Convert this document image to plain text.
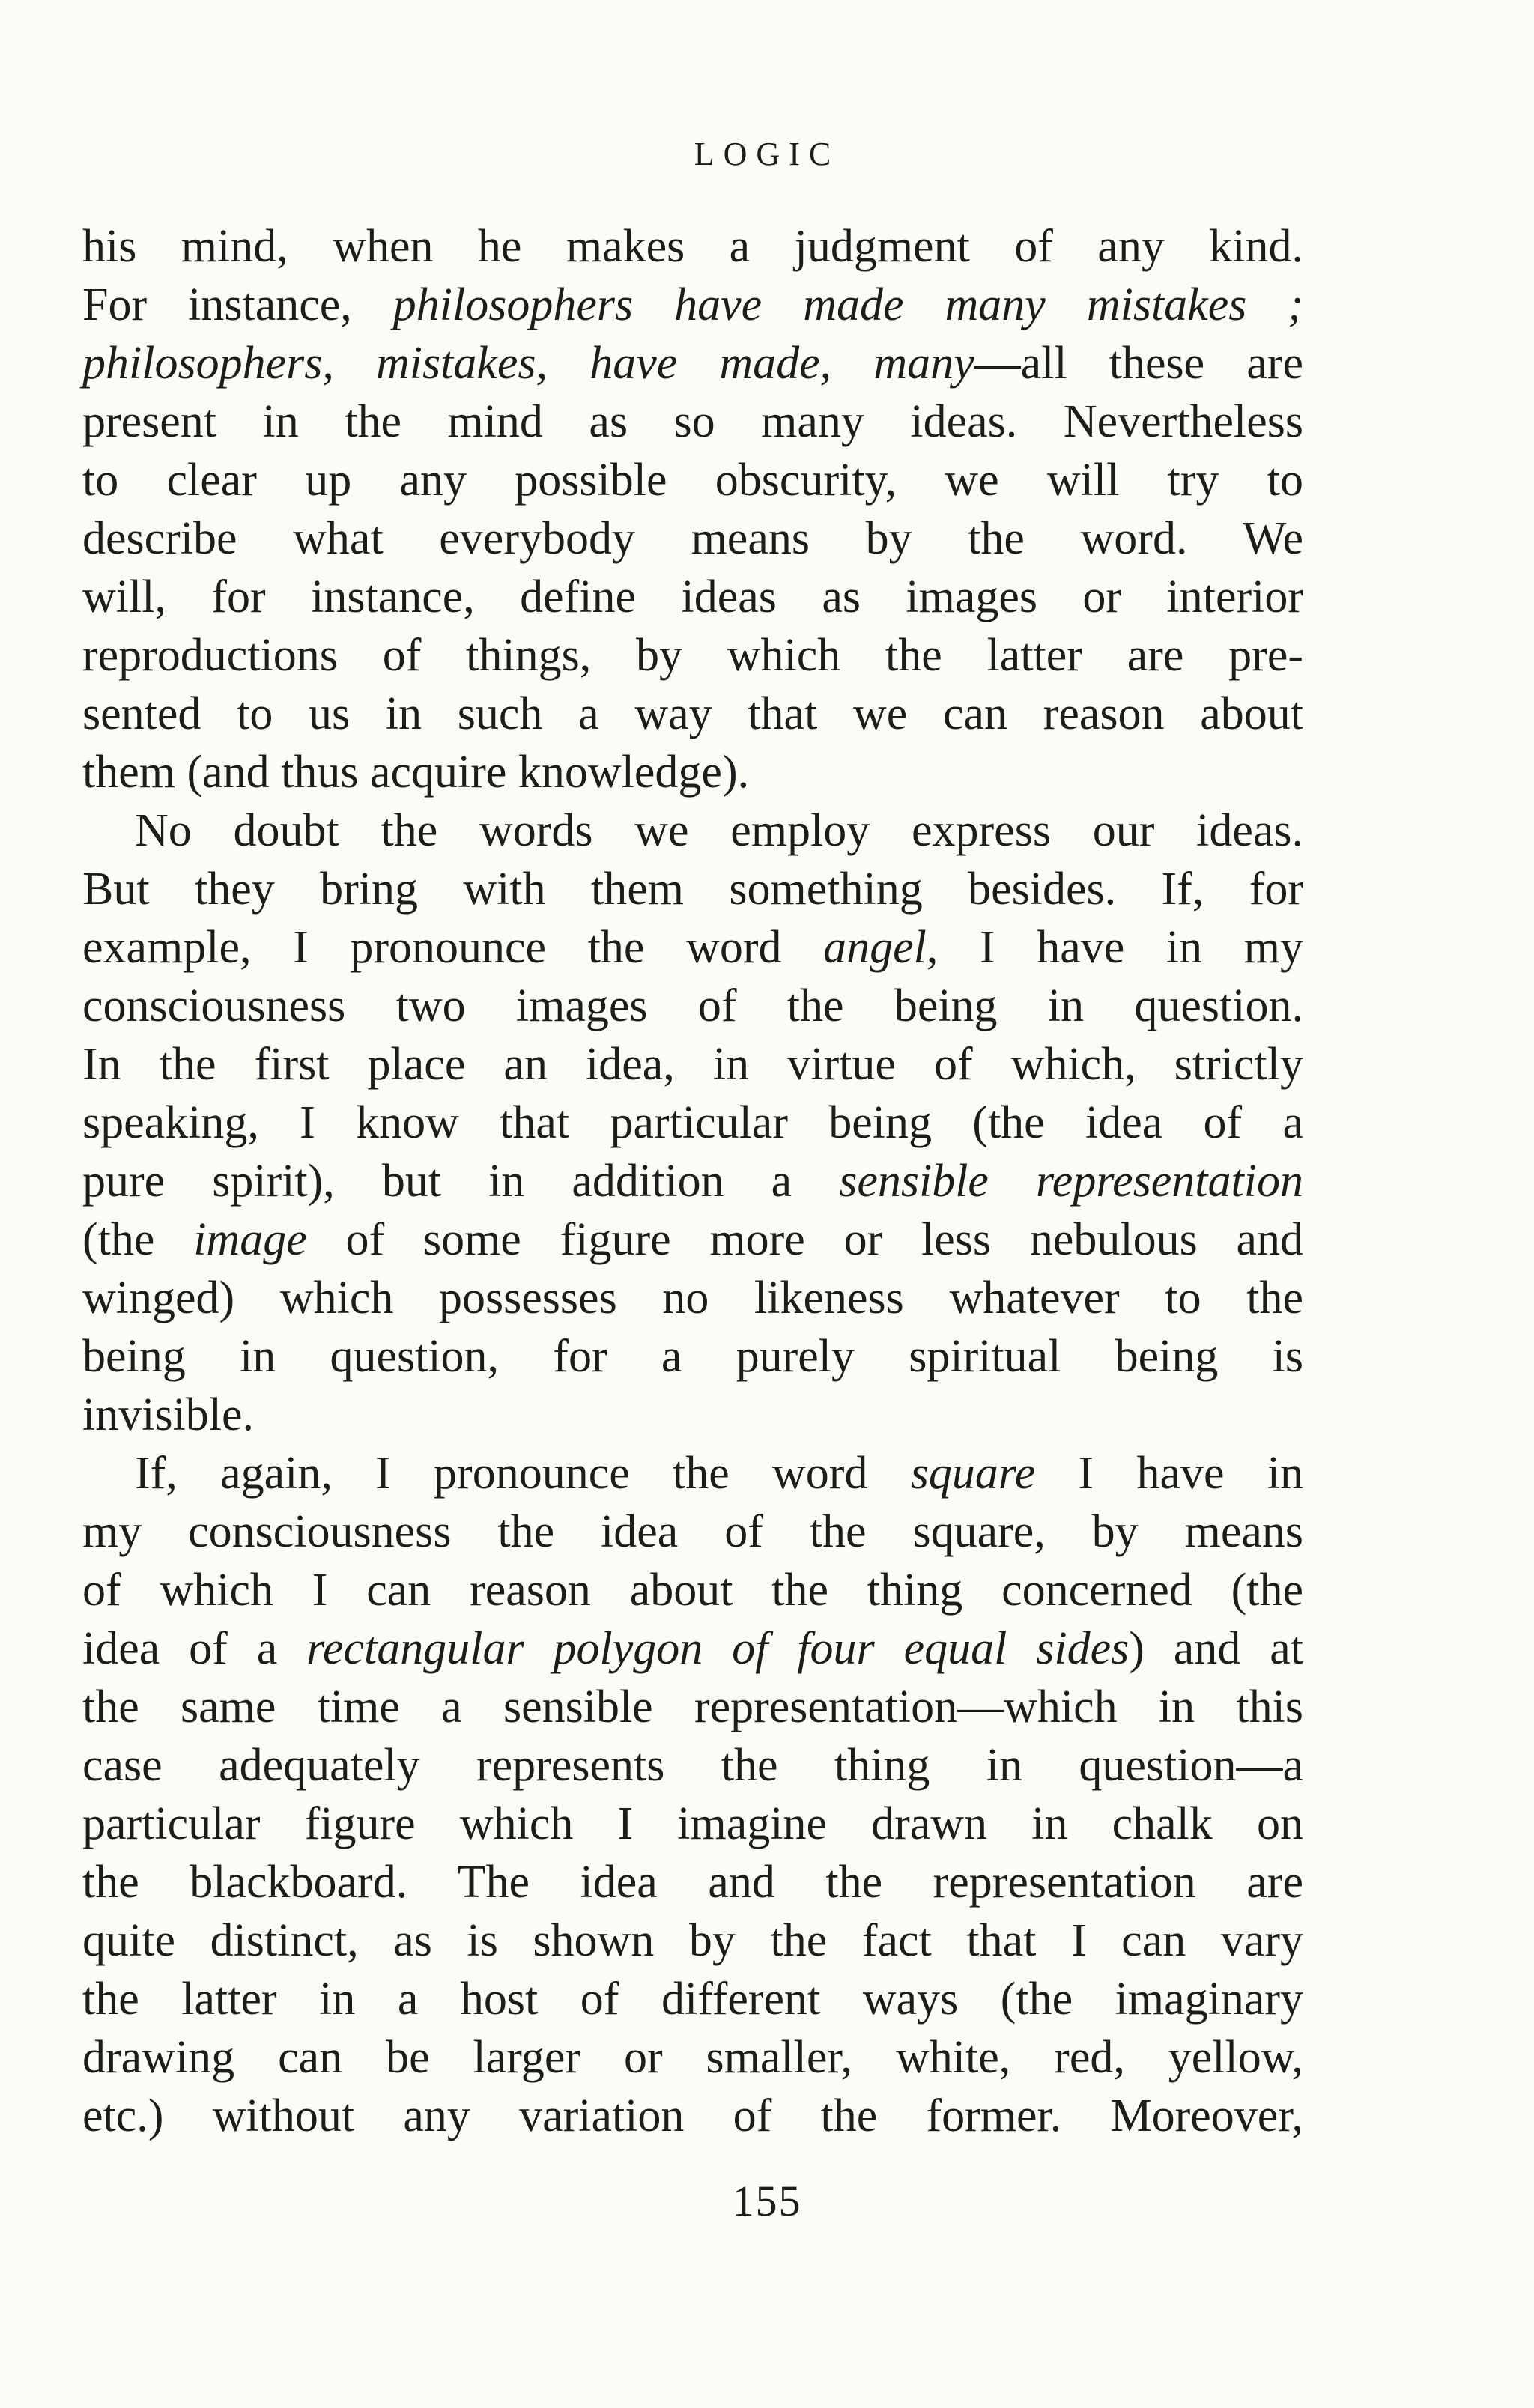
LOGIC
his mind, when he makes a judgment of any kind.
For instance, philosophers have made many mistakes ;
philosophers, mistakes, have made, many—all these are
present in the mind as so many ideas. Nevertheless
to clear up any possible obscurity, we will try to
describe what everybody means by the word. We
will, for instance, define ideas as images or interior
reproductions of things, by which the latter are pre-
sented to us in such a way that we can reason about
them (and thus acquire knowledge).
No doubt the words we employ express our ideas.
But they bring with them something besides. If, for
example, I pronounce the word angel, I have in my
consciousness two images of the being in question.
In the first place an idea, in virtue of which, strictly
speaking, I know that particular being (the idea of a
pure spirit), but in addition a sensible representation
(the image of some figure more or less nebulous and
winged) which possesses no likeness whatever to the
being in question, for a purely spiritual being is
invisible.
If, again, I pronounce the word square I have in
my consciousness the idea of the square, by means
of which I can reason about the thing concerned (the
idea of a rectangular polygon of four equal sides) and at
the same time a sensible representation—which in this
case adequately represents the thing in question—a
particular figure which I imagine drawn in chalk on
the blackboard. The idea and the representation are
quite distinct, as is shown by the fact that I can vary
the latter in a host of different ways (the imaginary
drawing can be larger or smaller, white, red, yellow,
etc.) without any variation of the former. Moreover,
155
